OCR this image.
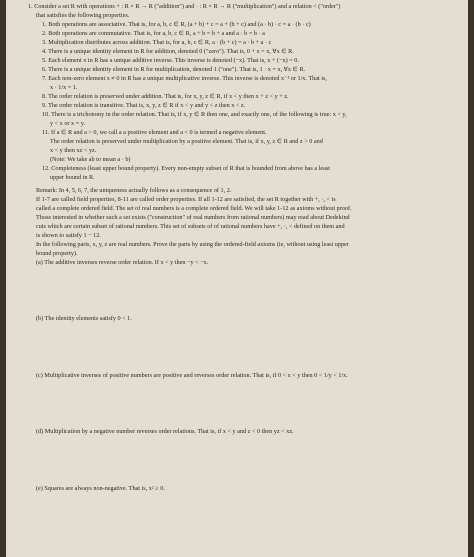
1. Consider a set R with operations + : R × R → R ("addition") and · : R × R → R ("multiplication") and a relation < ("order")

that satisfies the following properties.

1. Both operations are associative. That is, for a, b, c ∈ R, (a + b) + c = a + (b + c) and (a · b) · c = a · (b · c)

2. Both operations are commutative. That is, for a, b, c ∈ R, a + b = b + a and a · b = b · a

3. Multiplication distributes across addition. That is, for a, b, c ∈ R, a · (b + c) = a · b + a · c

4. There is a unique identity element in R for addition, denoted 0 ("zero"). That is, 0 + x = x, ∀x ∈ R.

5. Each element x in R has a unique additive inverse. This inverse is denoted (−x). That is, x + (−x) = 0.

6. There is a unique identity element in R for multiplication, denoted 1 ("one"). That is, 1 · x = x, ∀x ∈ R.

7. Each non-zero element x ≠ 0 in R has a unique multiplicative inverse. This inverse is denoted x⁻¹ or 1/x. That is,

x · 1/x = 1.

8. The order relation is preserved under addition. That is, for x, y, z ∈ R, if x < y then x + z < y + z.

9. The order relation is transitive. That is, x, y, z ∈ R if x < y and y < z then x < z.

10. There is a trichotomy in the order relation. That is, if x, y ∈ R then one, and exactly one, of the following is true: x < y,

y < x or x = y.

11. If a ∈ R and a > 0, we call a a positive element and a < 0 is termed a negative element.

The order relation is preserved under multiplication by a positive element. That is, if x, y, z ∈ R and z > 0 and

x < y then xz < yz.

(Note: We take ab to mean a · b)

12. Completeness (least upper bound property). Every non-empty subset of R that is bounded from above has a least

upper bound in R.

Remark: In 4, 5, 6, 7, the uniqueness actually follows as a consequence of 1, 2.

If 1-7 are called field properties, 8-11 are called order properties. If all 1-12 are satisfied, the set R together with +, ·, < is

called a complete ordered field. The set of real numbers is a complete ordered field. We will take 1-12 as axioms without proof.

Those interested in whether such a set exists ("construction" of real numbers from rational numbers) may read about Dedekind

cuts which are certain subset of rational numbers. This set of subsets of of rational numbers have +, ·, < defined on them and

is shown to satisfy 1 − 12.

In the following parts, x, y, z are real numbers. Prove the parts by using the ordered-field axioms (ie, without using least upper

bound property).

(a) The additive inverses reverse order relation. If x < y then −y < −x.

(b) The identity elements satisfy 0 < 1.

(c) Multiplicative inverses of positive numbers are positive and reverses order relation. That is, if 0 < x < y then 0 < 1/y < 1/x.

(d) Multiplication by a negative number reverses order relations. That is, if x < y and z < 0 then yz < xz.

(e) Squares are always non-negative. That is, x² ≥ 0.
